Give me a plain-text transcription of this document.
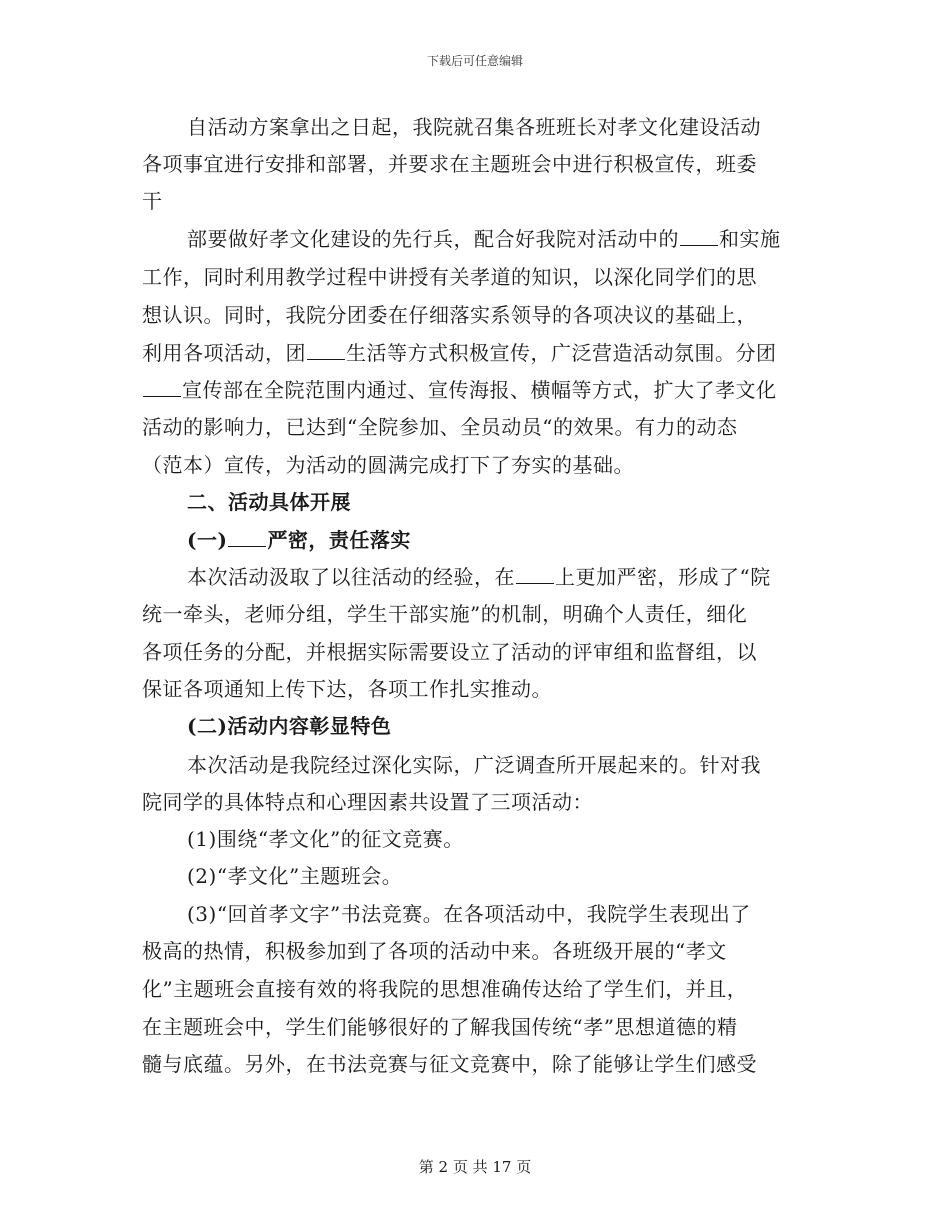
下载后可任意编辑
自活动方案拿出之日起，我院就召集各班班长对孝文化建设活动
各项事宜进行安排和部署，并要求在主题班会中进行积极宣传，班委
干
部要做好孝文化建设的先行兵，配合好我院对活动中的 和实施
工作，同时利用教学过程中讲授有关孝道的知识，以深化同学们的思
想认识。同时，我院分团委在仔细落实系领导的各项决议的基础上，
利用各项活动，团 生活等方式积极宣传，广泛营造活动氛围。分团
宣传部在全院范围内通过、宣传海报、横幅等方式，扩大了孝文化
活动的影响力，已达到“全院参加、全员动员“的效果。有力的动态
（范本）宣传，为活动的圆满完成打下了夯实的基础。
二、活动具体开展
(一) 严密，责任落实
本次活动汲取了以往活动的经验，在 上更加严密，形成了“院
统一牵头，老师分组，学生干部实施”的机制，明确个人责任，细化
各项任务的分配，并根据实际需要设立了活动的评审组和监督组，以
保证各项通知上传下达，各项工作扎实推动。
(二)活动内容彰显特色
本次活动是我院经过深化实际，广泛调查所开展起来的。针对我
院同学的具体特点和心理因素共设置了三项活动：
(1)围绕“孝文化”的征文竞赛。
(2)“孝文化”主题班会。
(3)“回首孝文字”书法竞赛。在各项活动中，我院学生表现出了
极高的热情，积极参加到了各项的活动中来。各班级开展的“孝文
化”主题班会直接有效的将我院的思想准确传达给了学生们，并且，
在主题班会中，学生们能够很好的了解我国传统“孝”思想道德的精
髓与底蕴。另外，在书法竞赛与征文竞赛中，除了能够让学生们感受
第 2 页 共 17 页
